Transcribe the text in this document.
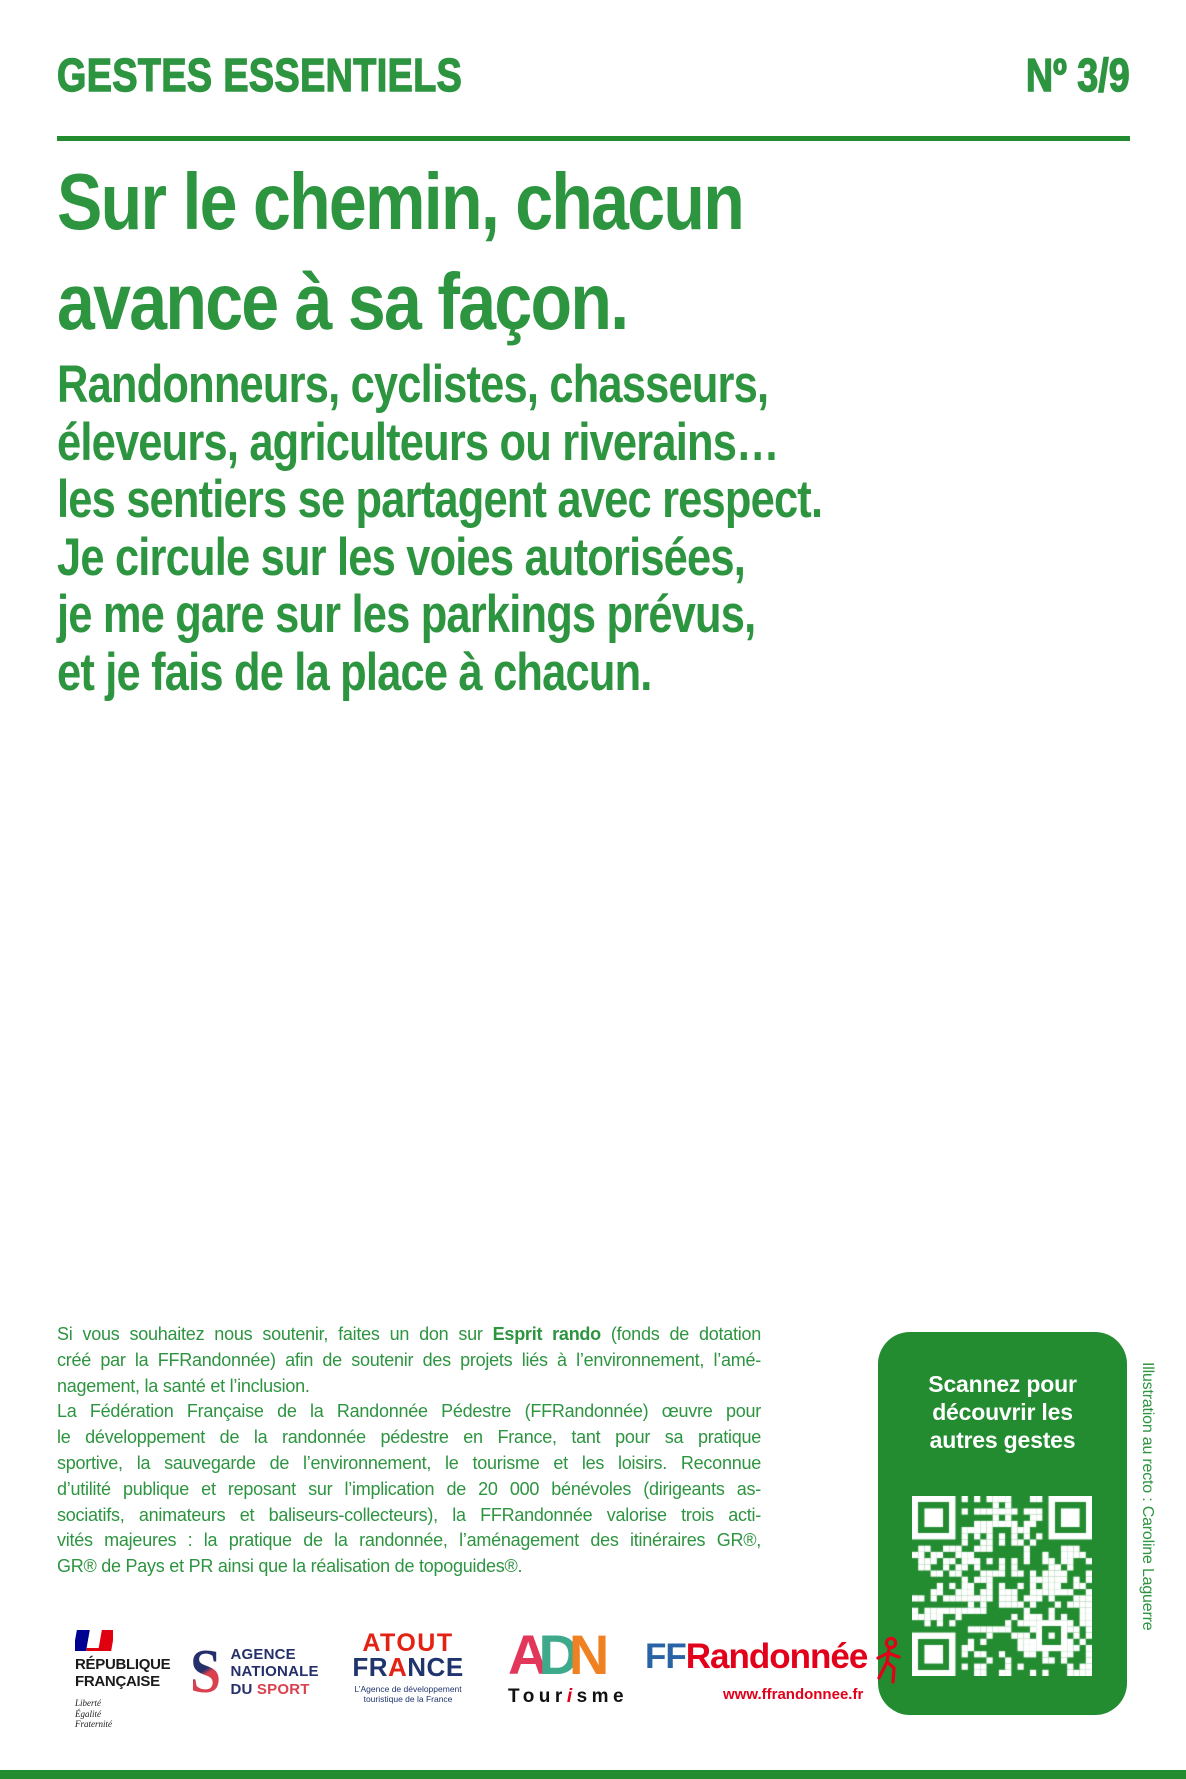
GESTES ESSENTIELS	Nº 3/9
Sur le chemin, chacun
avance à sa façon.
Randonneurs, cyclistes, chasseurs,
éleveurs, agriculteurs ou riverains…
les sentiers se partagent avec respect.
Je circule sur les voies autorisées,
je me gare sur les parkings prévus,
et je fais de la place à chacun.
Si vous souhaitez nous soutenir, faites un don sur Esprit rando (fonds de dotation
créé par la FFRandonnée) afin de soutenir des projets liés à l’environnement, l’amé-
nagement, la santé et l’inclusion.
La Fédération Française de la Randonnée Pédestre (FFRandonnée) œuvre pour
le développement de la randonnée pédestre en France, tant pour sa pratique
sportive, la sauvegarde de l’environnement, le tourisme et les loisirs. Reconnue
d’utilité publique et reposant sur l’implication de 20 000 bénévoles (dirigeants as-
sociatifs, animateurs et baliseurs-collecteurs), la FFRandonnée valorise trois acti-
vités majeures : la pratique de la randonnée, l’aménagement des itinéraires GR®,
GR® de Pays et PR ainsi que la réalisation de topoguides®.
Scannez pour
découvrir les
autres gestes	Illustration au recto : Caroline Laguerre
RÉPUBLIQUE
FRANÇAISE
Liberté
Égalité
Fraternité
S AGENCE
NATIONALE
DU SPORT
ATOUT
FRANCE
L’Agence de développement
touristique de la France
ADN
Tourisme
FFRandonnée
www.ffrandonnee.fr
